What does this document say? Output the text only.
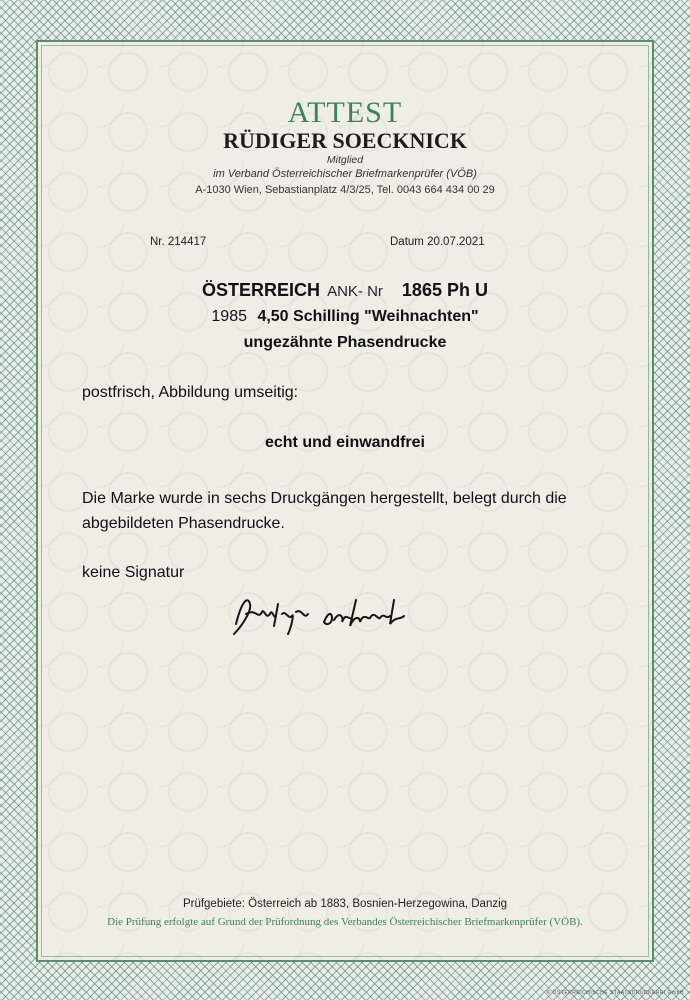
ATTEST
RÜDIGER SOECKNICK
Mitglied
im Verband Österreichischer Briefmarkenprüfer (VÖB)
A-1030 Wien, Sebastianplatz 4/3/25, Tel. 0043 664 434 00 29
Nr. 214417	Datum 20.07.2021
ÖSTERREICH ANK- Nr 1865 Ph U
1985 4,50 Schilling "Weihnachten"
ungezähnte Phasendrucke
postfrisch, Abbildung umseitig:
echt und einwandfrei
Die Marke wurde in sechs Druckgängen hergestellt, belegt durch die abgebildeten Phasendrucke.
keine Signatur
Prüfgebiete: Österreich ab 1883, Bosnien-Herzegowina, Danzig
Die Prüfung erfolgte auf Grund der Prüfordnung des Verbandes Österreichischer Briefmarkenprüfer (VÖB).
© ÖSTERREICHISCHE STAATSDRUCKEREI GmbH
